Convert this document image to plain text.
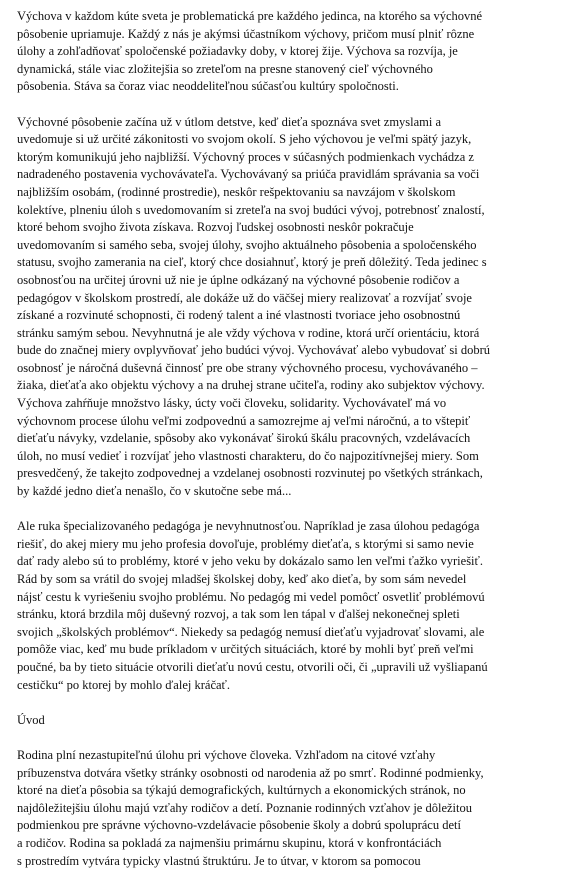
Výchova v každom kúte sveta je problematická pre každého jedinca, na ktorého sa výchovné
pôsobenie upriamuje. Každý z nás je akýmsi účastníkom výchovy, pričom musí plniť rôzne
úlohy a zohľadňovať spoločenské požiadavky doby, v ktorej žije. Výchova sa rozvíja, je
dynamická, stále viac zložitejšia so zreteľom na presne stanovený cieľ výchovného
pôsobenia. Stáva sa čoraz viac neoddeliteľnou súčasťou kultúry spoločnosti.
Výchovné pôsobenie začína už v útlom detstve, keď dieťa spoznáva svet zmyslami a
uvedomuje si už určité zákonitosti vo svojom okolí. S jeho výchovou je veľmi spätý jazyk,
ktorým komunikujú jeho najbližší. Výchovný proces v súčasných podmienkach vychádza z
nadradeného postavenia vychovávateľa. Vychovávaný sa priúča pravidlám správania sa voči
najbližším osobám, (rodinné prostredie), neskôr rešpektovaniu sa navzájom v školskom
kolektíve, plneniu úloh s uvedomovaním si zreteľa na svoj budúci vývoj, potrebnosť znalostí,
ktoré behom svojho života získava. Rozvoj ľudskej osobnosti neskôr pokračuje
uvedomovaním si samého seba, svojej úlohy, svojho aktuálneho pôsobenia a spoločenského
statusu, svojho zamerania na cieľ, ktorý chce dosiahnuť, ktorý je preň dôležitý. Teda jedinec s
osobnosťou na určitej úrovni už nie je úplne odkázaný na výchovné pôsobenie rodičov a
pedagógov v školskom prostredí, ale dokáže už do väčšej miery realizovať a rozvíjať svoje
získané a rozvinuté schopnosti, či rodený talent a iné vlastnosti tvoriace jeho osobnostnú
stránku samým sebou. Nevyhnutná je ale vždy výchova v rodine, ktorá určí orientáciu, ktorá
bude do značnej miery ovplyvňovať jeho budúci vývoj. Vychovávať alebo vybudovať si dobrú
osobnosť je náročná duševná činnosť pre obe strany výchovného procesu, vychovávaného –
žiaka, dieťaťa ako objektu výchovy a na druhej strane učiteľa, rodiny ako subjektov výchovy.
Výchova zahŕňuje množstvo lásky, úcty voči človeku, solidarity. Vychovávateľ má vo
výchovnom procese úlohu veľmi zodpovednú a samozrejme aj veľmi náročnú, a to vštepiť
dieťaťu návyky, vzdelanie, spôsoby ako vykonávať širokú škálu pracovných, vzdelávacích
úloh, no musí vedieť i rozvíjať jeho vlastnosti charakteru, do čo najpozitívnejšej miery. Som
presvedčený, že takejto zodpovednej a vzdelanej osobnosti rozvinutej po všetkých stránkach,
by každé jedno dieťa nenašlo, čo v skutočne sebe má...
Ale ruka špecializovaného pedagóga je nevyhnutnosťou. Napríklad je zasa úlohou pedagóga
riešiť, do akej miery mu jeho profesia dovoľuje, problémy dieťaťa, s ktorými si samo nevie
dať rady alebo sú to problémy, ktoré v jeho veku by dokázalo samo len veľmi ťažko vyriešiť.
Rád by som sa vrátil do svojej mladšej školskej doby, keď ako dieťa, by som sám nevedel
nájsť cestu k vyriešeniu svojho problému. No pedagóg mi vedel pomôcť osvetliť problémovú
stránku, ktorá brzdila môj duševný rozvoj, a tak som len tápal v ďalšej nekonečnej spleti
svojich „školských problémov“. Niekedy sa pedagóg nemusí dieťaťu vyjadrovať slovami, ale
pomôže viac, keď mu bude príkladom v určitých situáciách, ktoré by mohli byť preň veľmi
poučné, ba by tieto situácie otvorili dieťaťu novú cestu, otvorili oči, či „upravili už vyšliapanú
cestičku“ po ktorej by mohlo ďalej kráčať.
Úvod
Rodina plní nezastupiteľnú úlohu pri výchove človeka. Vzhľadom na citové vzťahy
príbuzenstva dotvára všetky stránky osobnosti od narodenia až po smrť. Rodinné podmienky,
ktoré na dieťa pôsobia sa týkajú demografických, kultúrnych a ekonomických stránok, no
najdôležitejšiu úlohu majú vzťahy rodičov a detí. Poznanie rodinných vzťahov je dôležitou
podmienkou pre správne výchovno-vzdelávacie pôsobenie školy a dobrú spoluprácu detí
a rodičov. Rodina sa pokladá za najmenšiu primárnu skupinu, ktorá v konfrontáciách
s prostredím vytvára typicky vlastnú štruktúru. Je to útvar, v ktorom sa pomocou
